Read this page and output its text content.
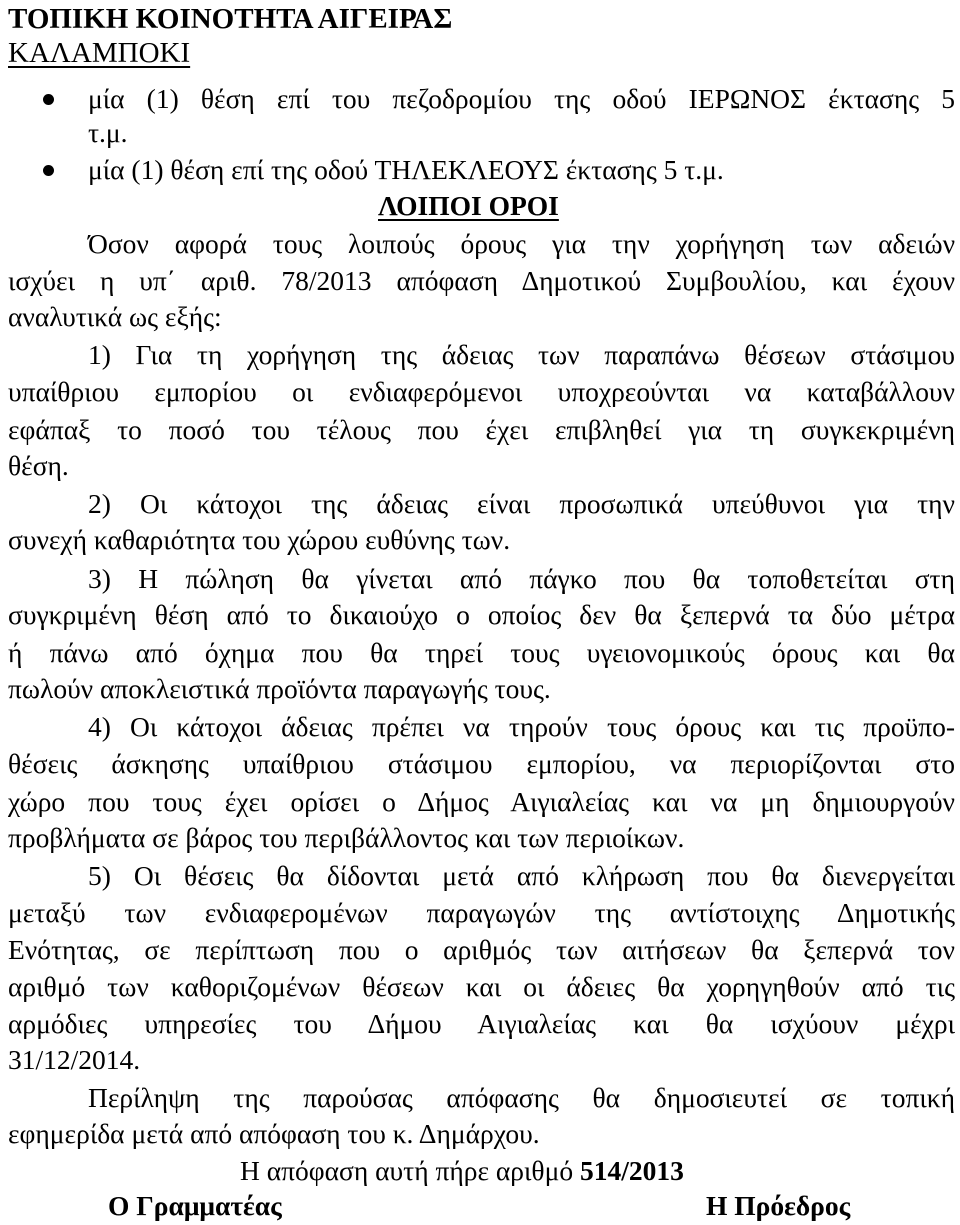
ΤΟΠΙΚΗ ΚΟΙΝΟΤΗΤΑ ΑΙΓΕΙΡΑΣ
ΚΑΛΑΜΠΟΚΙ
μία (1) θέση επί του πεζοδρομίου της οδού ΙΕΡΩΝΟΣ έκτασης 5
τ.μ.
μία (1) θέση επί της οδού ΤΗΛΕΚΛΕΟΥΣ έκτασης 5 τ.μ.
ΛΟΙΠΟΙ ΟΡΟΙ
Όσον αφορά τους λοιπούς όρους για την χορήγηση των αδειών
ισχύει η υπ΄ αριθ. 78/2013 απόφαση Δημοτικού Συμβουλίου, και έχουν
αναλυτικά ως εξής:
1) Για τη χορήγηση της άδειας των παραπάνω θέσεων στάσιμου
υπαίθριου εμπορίου οι ενδιαφερόμενοι υποχρεούνται να καταβάλλουν
εφάπαξ το ποσό του τέλους που έχει επιβληθεί για τη συγκεκριμένη
θέση.
2) Οι κάτοχοι της άδειας είναι προσωπικά υπεύθυνοι για την
συνεχή καθαριότητα του χώρου ευθύνης των.
3) Η πώληση θα γίνεται από πάγκο που θα τοποθετείται στη
συγκριμένη θέση από το δικαιούχο ο οποίος δεν θα ξεπερνά τα δύο μέτρα
ή πάνω από όχημα που θα τηρεί τους υγειονομικούς όρους και θα
πωλούν αποκλειστικά προϊόντα παραγωγής τους.
4) Οι κάτοχοι άδειας πρέπει να τηρούν τους όρους και τις προϋπο-
θέσεις άσκησης υπαίθριου στάσιμου εμπορίου, να περιορίζονται στο
χώρο που τους έχει ορίσει ο Δήμος Αιγιαλείας και να μη δημιουργούν
προβλήματα σε βάρος του περιβάλλοντος και των περιοίκων.
5) Οι θέσεις θα δίδονται μετά από κλήρωση που θα διενεργείται
μεταξύ των ενδιαφερομένων παραγωγών της αντίστοιχης Δημοτικής
Ενότητας, σε περίπτωση που ο αριθμός των αιτήσεων θα ξεπερνά τον
αριθμό των καθοριζομένων θέσεων και οι άδειες θα χορηγηθούν από τις
αρμόδιες υπηρεσίες του Δήμου Αιγιαλείας και θα ισχύουν μέχρι
31/12/2014.
Περίληψη της παρούσας απόφασης θα δημοσιευτεί σε τοπική
εφημερίδα μετά από απόφαση του κ. Δημάρχου.
Η απόφαση αυτή πήρε αριθμό 514/2013
Ο Γραμματέας	Η Πρόεδρος
